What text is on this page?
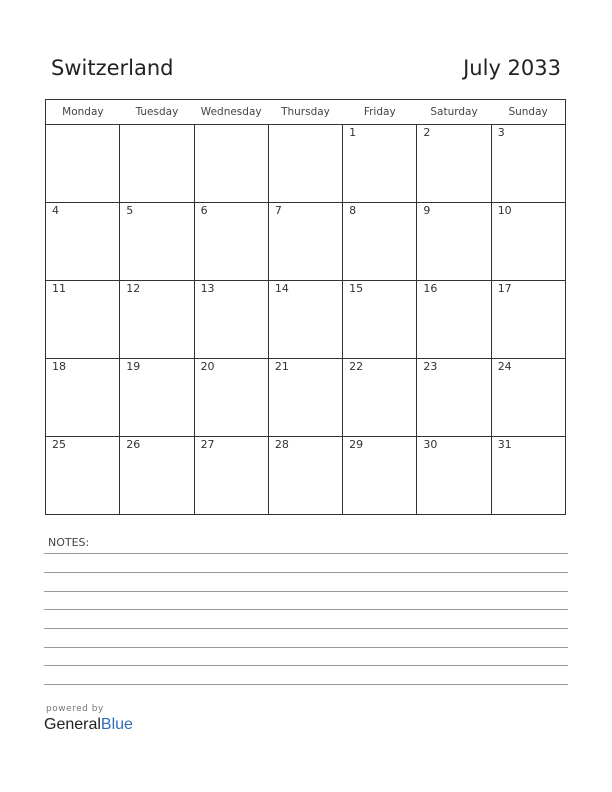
Switzerland	July 2033
Monday	Tuesday	Wednesday	Thursday	Friday	Saturday	Sunday

				1	2	3

4	5	6	7	8	9	10

11	12	13	14	15	16	17

18	19	20	21	22	23	24

25	26	27	28	29	30	31
NOTES:
powered by
GeneralBlue
